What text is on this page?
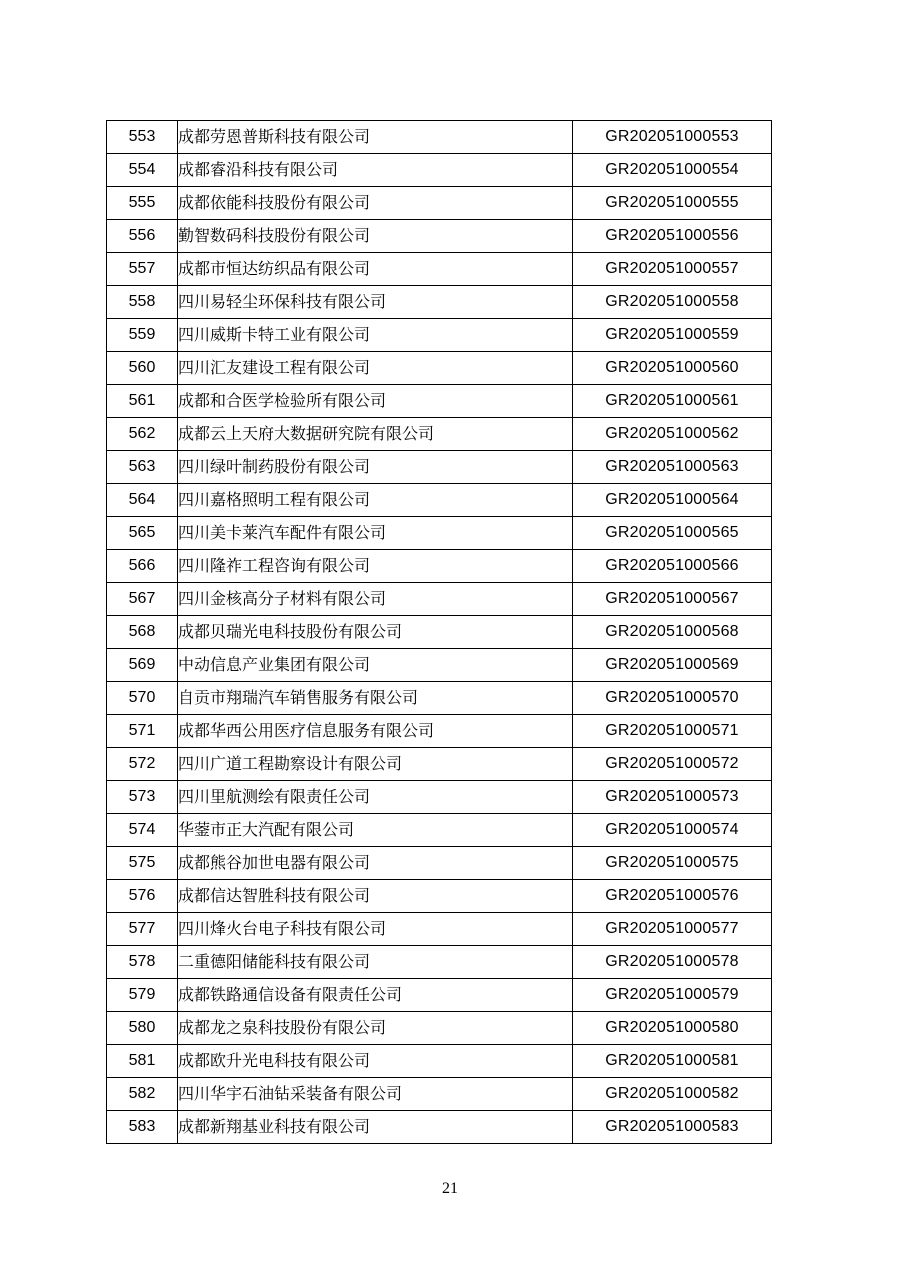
553	成都劳恩普斯科技有限公司	GR202051000553
554	成都睿沿科技有限公司	GR202051000554
555	成都依能科技股份有限公司	GR202051000555
556	勤智数码科技股份有限公司	GR202051000556
557	成都市恒达纺织品有限公司	GR202051000557
558	四川易轻尘环保科技有限公司	GR202051000558
559	四川威斯卡特工业有限公司	GR202051000559
560	四川汇友建设工程有限公司	GR202051000560
561	成都和合医学检验所有限公司	GR202051000561
562	成都云上天府大数据研究院有限公司	GR202051000562
563	四川绿叶制药股份有限公司	GR202051000563
564	四川嘉格照明工程有限公司	GR202051000564
565	四川美卡莱汽车配件有限公司	GR202051000565
566	四川隆祚工程咨询有限公司	GR202051000566
567	四川金核高分子材料有限公司	GR202051000567
568	成都贝瑞光电科技股份有限公司	GR202051000568
569	中动信息产业集团有限公司	GR202051000569
570	自贡市翔瑞汽车销售服务有限公司	GR202051000570
571	成都华西公用医疗信息服务有限公司	GR202051000571
572	四川广道工程勘察设计有限公司	GR202051000572
573	四川里航测绘有限责任公司	GR202051000573
574	华蓥市正大汽配有限公司	GR202051000574
575	成都熊谷加世电器有限公司	GR202051000575
576	成都信达智胜科技有限公司	GR202051000576
577	四川烽火台电子科技有限公司	GR202051000577
578	二重德阳储能科技有限公司	GR202051000578
579	成都铁路通信设备有限责任公司	GR202051000579
580	成都龙之泉科技股份有限公司	GR202051000580
581	成都欧升光电科技有限公司	GR202051000581
582	四川华宇石油钻采装备有限公司	GR202051000582
583	成都新翔基业科技有限公司	GR202051000583
21
